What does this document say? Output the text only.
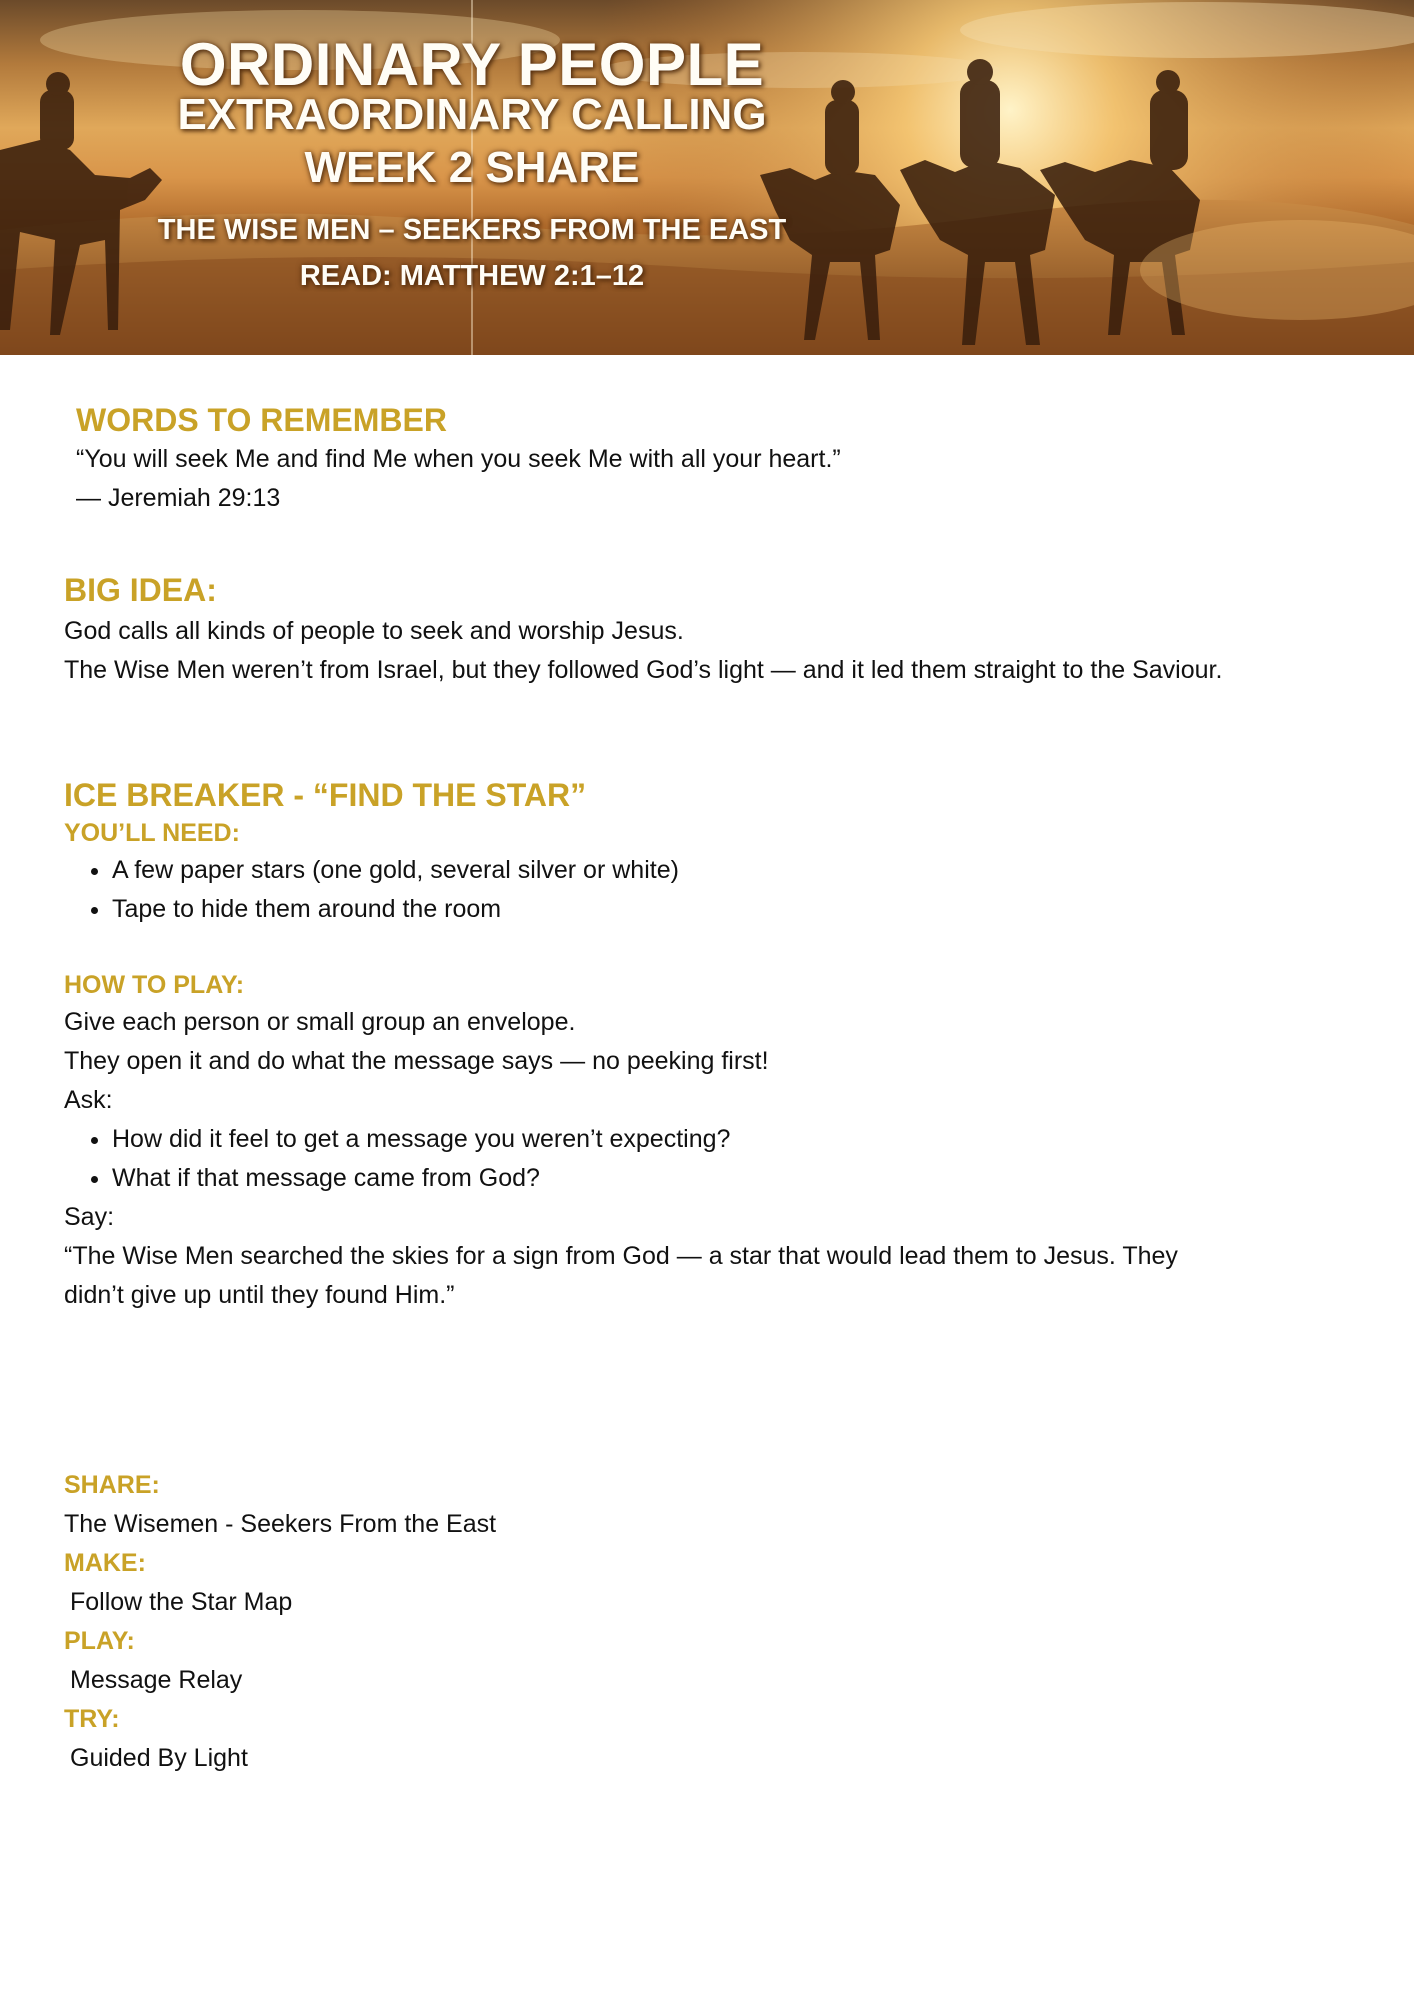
ORDINARY PEOPLE
EXTRAORDINARY CALLING
WEEK 2 SHARE
THE WISE MEN – SEEKERS FROM THE EAST
READ: MATTHEW 2:1–12
WORDS TO REMEMBER

“You will seek Me and find Me when you seek Me with all your heart.”

— Jeremiah 29:13

BIG IDEA:

God calls all kinds of people to seek and worship Jesus.

The Wise Men weren’t from Israel, but they followed God’s light — and it led them straight to the Saviour.

ICE BREAKER - “FIND THE STAR”
YOU’LL NEED:
• A few paper stars (one gold, several silver or white)
• Tape to hide them around the room
HOW TO PLAY:

Give each person or small group an envelope.

They open it and do what the message says — no peeking first!

Ask:

• How did it feel to get a message you weren’t expecting?
• What if that message came from God?

Say:

“The Wise Men searched the skies for a sign from God — a star that would lead them to Jesus. They

didn’t give up until they found Him.”

SHARE:

The Wisemen - Seekers From the East

MAKE:

Follow the Star Map

PLAY:

Message Relay

TRY:

Guided By Light
